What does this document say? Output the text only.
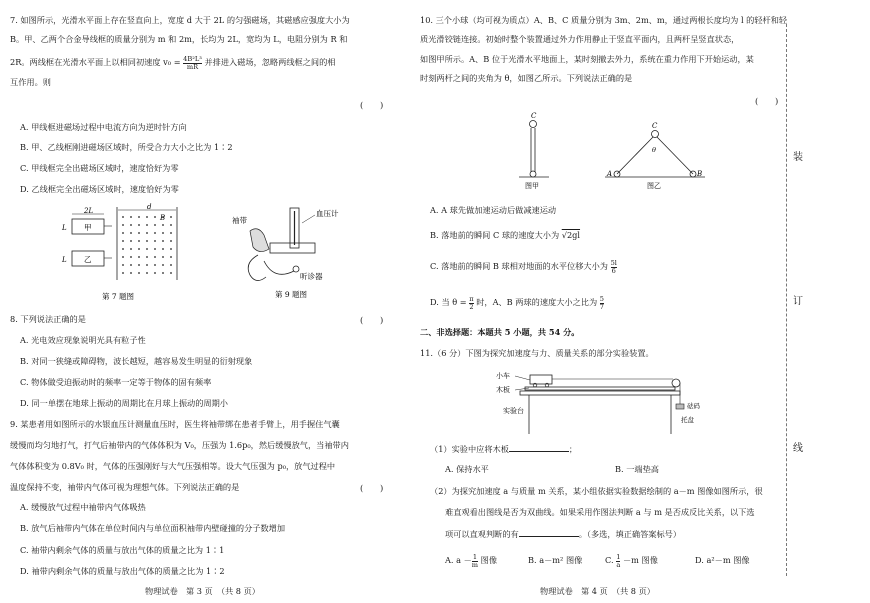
7. 如图所示，光滑水平面上存在竖直向上，宽度 d 大于 2L 的匀强磁场，其磁感应强度大小为
B。甲、乙两个合金导线框的质量分别为 m 和 2m，长均为 2L，宽均为 L，电阻分别为 R 和
2R。两线框在光滑水平面上以相同初速度 $v_0 = \frac{\text{4B²L³}}{mR}$ 并排进入磁场，忽略两线框之间的相
互作用。则
(　　)
A. 甲线框进磁场过程中电流方向为逆时针方向
B. 甲、乙线框刚进磁场区域时，所受合力大小之比为 1∶2
C. 甲线框完全出磁场区域时，速度恰好为零
D. 乙线框完全出磁场区域时，速度恰好为零
d
B
2L
甲
L
乙
L
第 7 题图
血压计
袖带
听诊器
第 9 题图
8. 下列说法正确的是	(　　)
A. 光电效应现象说明光具有粒子性
B. 对同一狭缝或障碍物，波长越短，越容易发生明显的衍射现象
C. 物体做受迫振动时的频率一定等于物体的固有频率
D. 同一单摆在地球上振动的周期比在月球上振动的周期小
9. 某患者用如图所示的水银血压计测量血压时，医生将袖带绑在患者手臂上，用手握住气囊
缓慢而均匀地打气，打气后袖带内的气体体积为 V₀，压强为 1.6p₀，然后缓慢放气，当袖带内
气体体积变为 0.8V₀ 时，气体的压强刚好与大气压强相等。设大气压强为 p₀，放气过程中
温度保持不变，袖带内气体可视为理想气体。下列说法正确的是	(　　)
A. 缓慢放气过程中袖带内气体吸热
B. 放气后袖带内气体在单位时间内与单位面积袖带内壁碰撞的分子数增加
C. 袖带内剩余气体的质量与放出气体的质量之比为 1∶1
D. 袖带内剩余气体的质量与放出气体的质量之比为 1∶2
物理试卷　第 3 页　（共 8 页）
10. 三个小球（均可视为质点）A、B、C 质量分别为 3m、2m、m，通过两根长度均为 l 的轻杆和轻
质光滑铰链连接。初始时整个装置通过外力作用静止于竖直平面内，且两杆呈竖直状态，
如图甲所示。A、B 位于光滑水平地面上，某时刻撤去外力，系统在重力作用下开始运动，某
时刻两杆之间的夹角为 θ，如图乙所示。下列说法正确的是
(　　)
C
图甲
C
θ
A	B
图乙
A. A 球先做加速运动后做减速运动
B. 落地前的瞬间 C 球的速度大小为 √2gl
C. 落地前的瞬间 B 球相对地面的水平位移大小为 $\frac{5l}{6}$
D. 当 $\theta = \frac{\pi}{2}$ 时，A、B 两球的速度大小之比为 $\frac{5}{7}$
二、非选择题：本题共 5 小题，共 54 分。
11.（6 分）下图为探究加速度与力、质量关系的部分实验装置。
小车
木板
实验台
砝码
托盘
（1）实验中应将木板	；
A. 保持水平	B. 一端垫高
（2）为探究加速度 a 与质量 m 关系，某小组依据实验数据绘制的 a－m 图像如图所示，很
难直观看出图线是否为双曲线。如果采用作图法判断 a 与 m 是否成反比关系，以下选
项可以直观判断的有	。（多选，填正确答案标号）
A. $a - \frac{1}{m}$ 图像	B. a－m² 图像	C. $\frac{1}{a} -m$ 图像	D. a²－m 图像
物理试卷　第 4 页　（共 8 页）
装
订
线
